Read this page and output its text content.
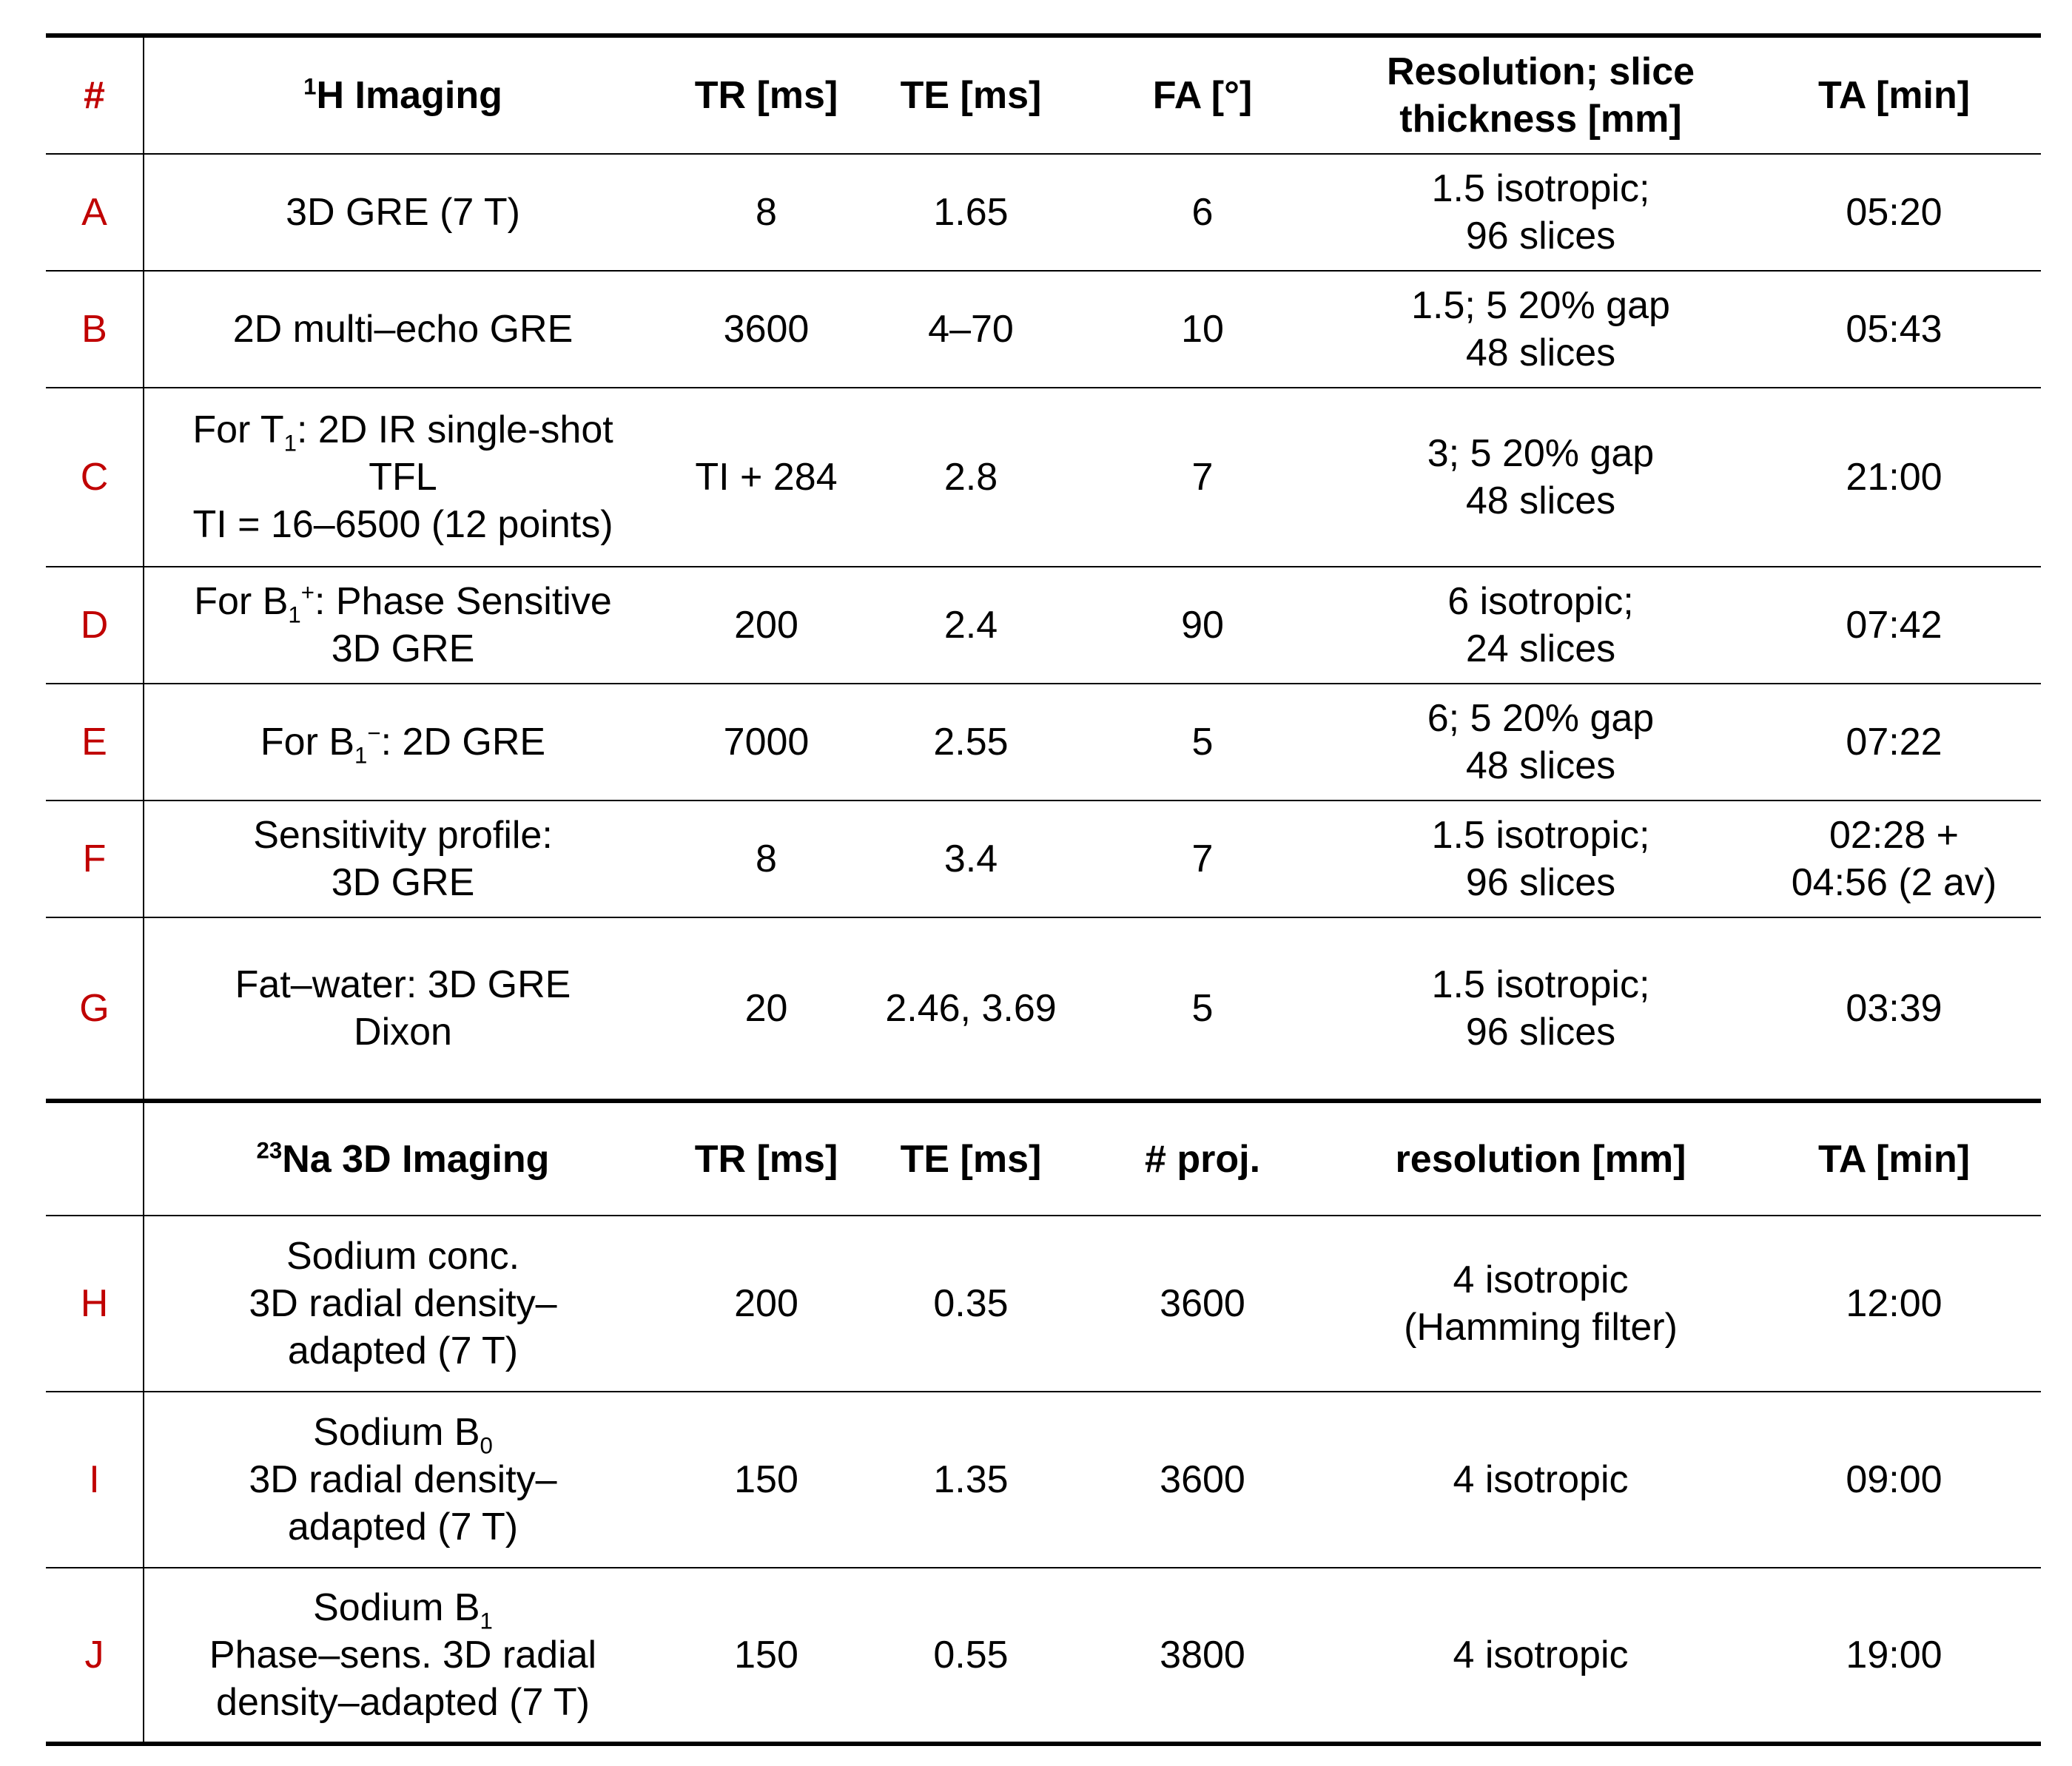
#	$^1$H Imaging	TR [ms]	TE [ms]	FA [°]	Resolution; slice
thickness [mm]	TA [min]
A	3D GRE (7 T)	8	1.65	6	1.5 isotropic;
96 slices	05:20

B	2D multi–echo GRE	3600	4–70	10	1.5; 5 20% gap
48 slices	05:43

C	For $T_1$: 2D IR single-shot
TFL
TI = 16–6500 (12 points)	TI + 284	2.8	7	3; 5 20% gap
48 slices	21:00

D	For $B_1^+$: Phase Sensitive
3D GRE	200	2.4	90	6 isotropic;
24 slices	07:42

E	For $B_1^-$: 2D GRE	7000	2.55	5	6; 5 20% gap
48 slices	07:22

F	Sensitivity profile:
3D GRE	8	3.4	7	1.5 isotropic;
96 slices	02:28 +
04:56 (2 av)

G	Fat–water: 3D GRE
Dixon	20	2.46, 3.69	5	1.5 isotropic;
96 slices	03:39

	$^{23}$Na 3D Imaging	TR [ms]	TE [ms]	# proj.	resolution [mm]	TA [min]
H	Sodium conc.
3D radial density–
adapted (7 T)	200	0.35	3600	4 isotropic
(Hamming filter)	12:00
I	Sodium $B_0$
3D radial density–
adapted (7 T)	150	1.35	3600	4 isotropic	09:00
J	Sodium $B_1$
Phase–sens. 3D radial
density–adapted (7 T)	150	0.55	3800	4 isotropic	19:00
